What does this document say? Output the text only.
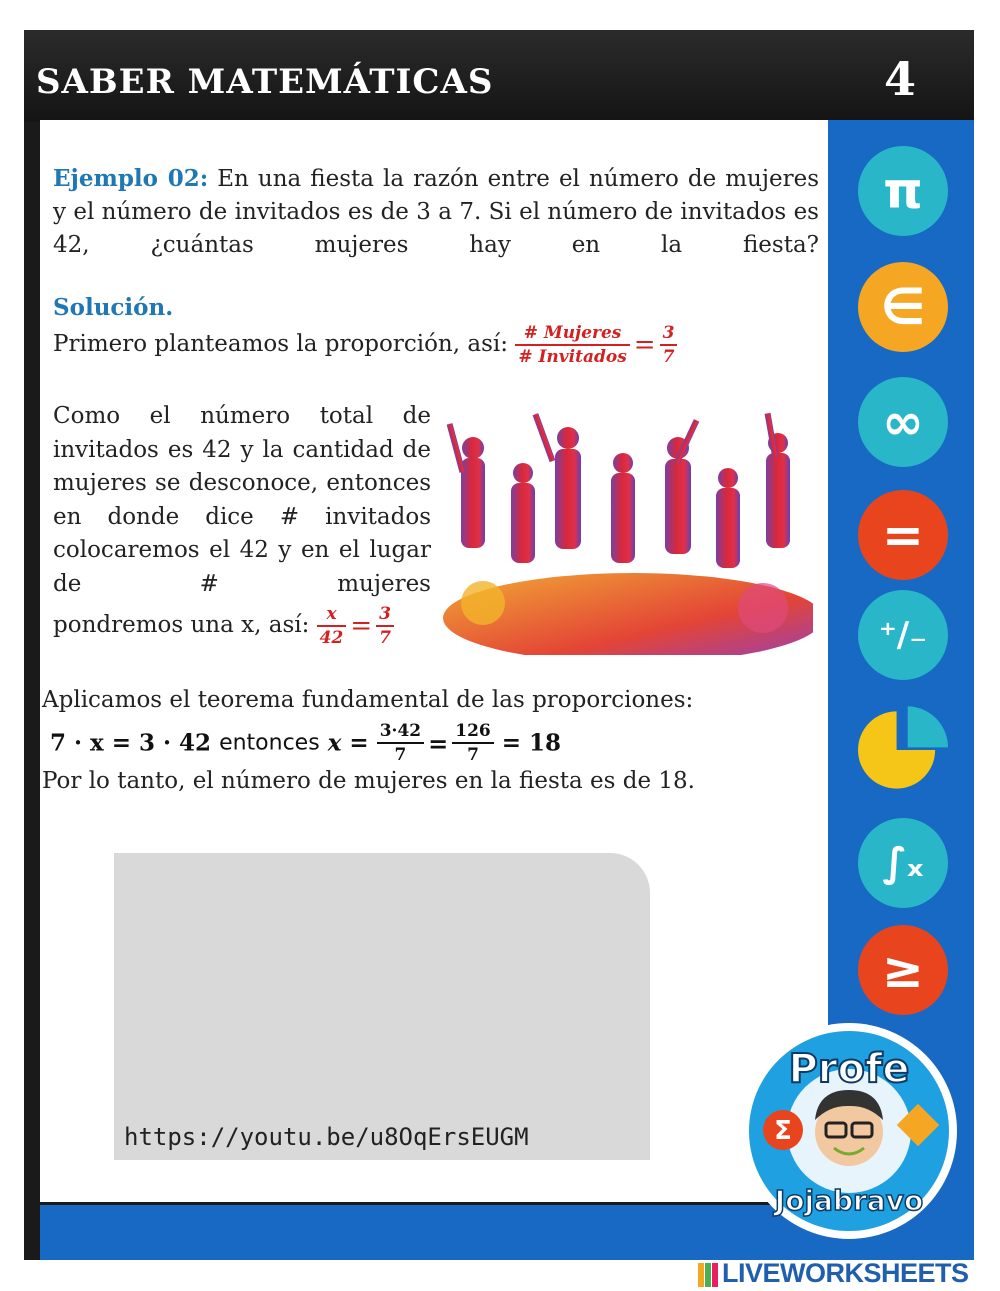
SABER MATEMÁTICAS	4
Ejemplo 02: En una fiesta la razón entre el número de mujeres y el número de invitados es de 3 a 7. Si el número de invitados es 42, ¿cuántas mujeres hay en la fiesta?
Solución.
Primero planteamos la proporción, así: $\frac{\text{\# Mujeres}}{\text{\# Invitados}} = \frac{3}{7}$
Como el número total de invitados es 42 y la cantidad de mujeres se desconoce, entonces en donde dice # invitados colocaremos el 42 y en el lugar de # mujeres
pondremos una x, así: $\frac{x}{42} = \frac{3}{7}$
Aplicamos el teorema fundamental de las proporciones:
7 · x = 3 · 42 entonces $x = \frac{3\cdot 42}{7} = \frac{126}{7} = 18$
Por lo tanto, el número de mujeres en la fiesta es de 18.
https://youtu.be/u8OqErsEUGM
π
∈
∞
=
⁺∕₋
∫ₓ
≥
Σ
Profe
Jojabravo
LIVEWORKSHEETS
